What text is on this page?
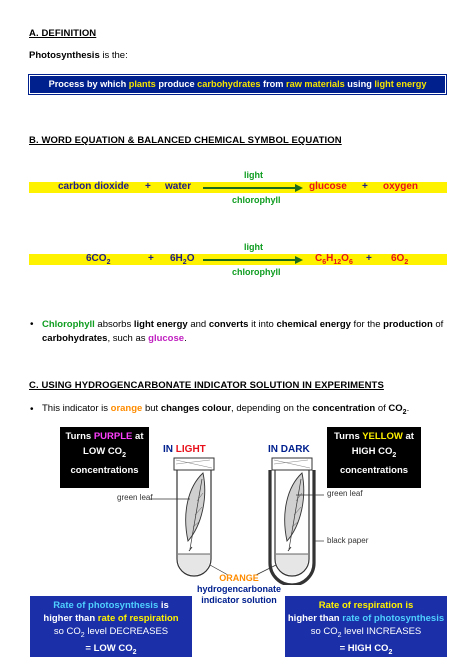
A. DEFINITION
Photosynthesis is the:
Process by which plants produce carbohydrates from raw materials using light energy
B. WORD EQUATION & BALANCED CHEMICAL SYMBOL EQUATION
light
carbon dioxide + water	glucose + oxygen
chlorophyll
light
$6CO_2$	+ $6H_2O$	$C_6H_{12}O_6 + 6O_2$
chlorophyll
• Chlorophyll absorbs light energy and converts it into chemical energy for the production of
carbohydrates, such as glucose.
C. USING HYDROGENCARBONATE INDICATOR SOLUTION IN EXPERIMENTS
• This indicator is orange but changes colour, depending on the concentration of $CO_2$.
Turns PURPLE at
LOW $CO_2$
concentrations
Turns YELLOW at
HIGH $CO_2$
concentrations
IN LIGHT	IN DARK
green leaf	green leaf
black paper
ORANGE
hydrogencarbonate
indicator solution
Rate of photosynthesis is
higher than rate of respiration
so $CO_2$ level DECREASES
= LOW $CO_2$
Rate of respiration is
higher than rate of photosynthesis
so $CO_2$ level INCREASES
= HIGH $CO_2$
